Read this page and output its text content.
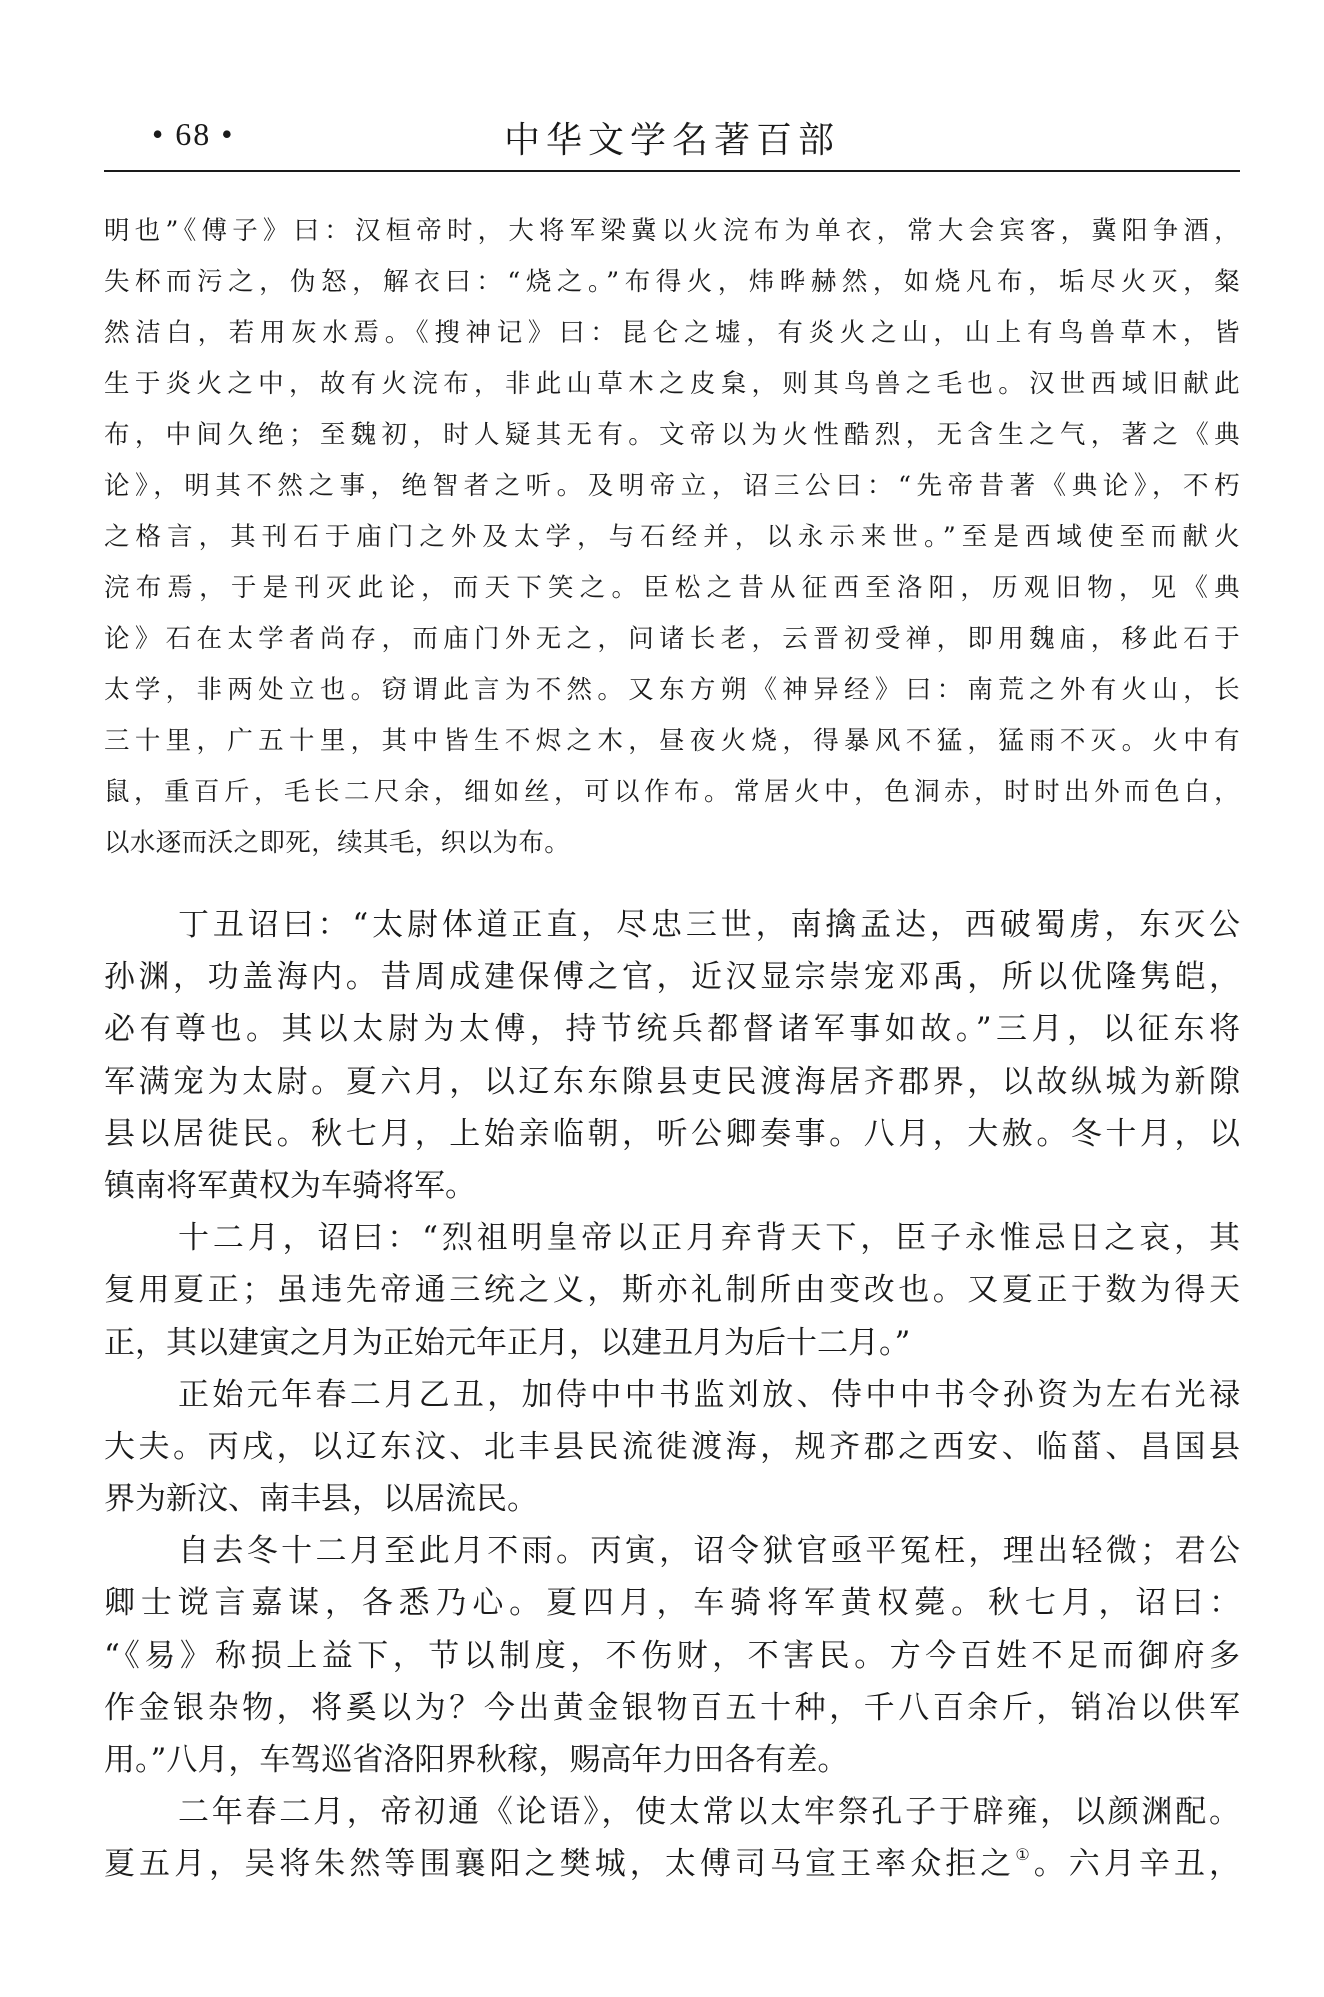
• 68 •	中华文学名著百部
明也”《傅子》曰：汉桓帝时，大将军梁冀以火浣布为单衣，常大会宾客，冀阳争酒，
失杯而污之，伪怒，解衣曰：“烧之。”布得火，炜晔赫然，如烧凡布，垢尽火灭，粲
然洁白，若用灰水焉。《搜神记》曰：昆仑之墟，有炎火之山，山上有鸟兽草木，皆
生于炎火之中，故有火浣布，非此山草木之皮枲，则其鸟兽之毛也。汉世西域旧献此
布，中间久绝；至魏初，时人疑其无有。文帝以为火性酷烈，无含生之气，著之《典
论》，明其不然之事，绝智者之听。及明帝立，诏三公曰：“先帝昔著《典论》，不朽
之格言，其刊石于庙门之外及太学，与石经并，以永示来世。”至是西域使至而献火
浣布焉，于是刊灭此论，而天下笑之。臣松之昔从征西至洛阳，历观旧物，见《典
论》石在太学者尚存，而庙门外无之，问诸长老，云晋初受禅，即用魏庙，移此石于
太学，非两处立也。窃谓此言为不然。又东方朔《神异经》曰：南荒之外有火山，长
三十里，广五十里，其中皆生不烬之木，昼夜火烧，得暴风不猛，猛雨不灭。火中有
鼠，重百斤，毛长二尺余，细如丝，可以作布。常居火中，色洞赤，时时出外而色白，
以水逐而沃之即死，续其毛，织以为布。
丁丑诏曰：“太尉体道正直，尽忠三世，南擒孟达，西破蜀虏，东灭公
孙渊，功盖海内。昔周成建保傅之官，近汉显宗崇宠邓禹，所以优隆隽皑，
必有尊也。其以太尉为太傅，持节统兵都督诸军事如故。”三月，以征东将
军满宠为太尉。夏六月，以辽东东隙县吏民渡海居齐郡界，以故纵城为新隙
县以居徙民。秋七月，上始亲临朝，听公卿奏事。八月，大赦。冬十月，以
镇南将军黄权为车骑将军。
十二月，诏曰：“烈祖明皇帝以正月弃背天下，臣子永惟忌日之哀，其
复用夏正；虽违先帝通三统之义，斯亦礼制所由变改也。又夏正于数为得天
正，其以建寅之月为正始元年正月，以建丑月为后十二月。”
正始元年春二月乙丑，加侍中中书监刘放、侍中中书令孙资为左右光禄
大夫。丙戌，以辽东汶、北丰县民流徙渡海，规齐郡之西安、临菑、昌国县
界为新汶、南丰县，以居流民。
自去冬十二月至此月不雨。丙寅，诏令狱官亟平冤枉，理出轻微；君公
卿士谠言嘉谋，各悉乃心。夏四月，车骑将军黄权薨。秋七月，诏曰：
“《易》称损上益下，节以制度，不伤财，不害民。方今百姓不足而御府多
作金银杂物，将奚以为？今出黄金银物百五十种，千八百余斤，销冶以供军
用。”八月，车驾巡省洛阳界秋稼，赐高年力田各有差。
二年春二月，帝初通《论语》，使太常以太牢祭孔子于辟雍，以颜渊配。
夏五月，吴将朱然等围襄阳之樊城，太傅司马宣王率众拒之①。六月辛丑，
